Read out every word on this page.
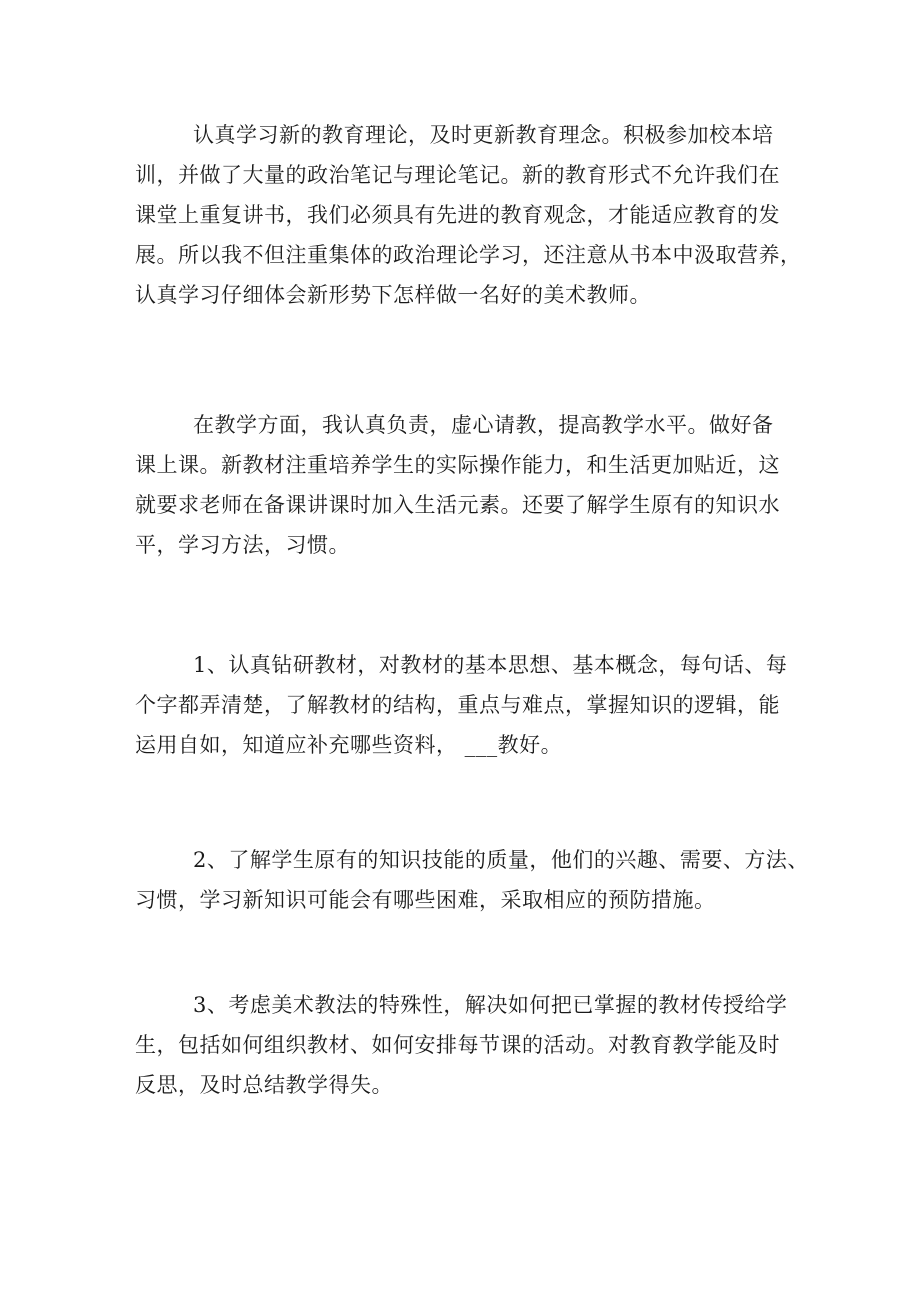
认真学习新的教育理论，及时更新教育理念。积极参加校本培
训，并做了大量的政治笔记与理论笔记。新的教育形式不允许我们在
课堂上重复讲书，我们必须具有先进的教育观念，才能适应教育的发
展。所以我不但注重集体的政治理论学习，还注意从书本中汲取营养，
认真学习仔细体会新形势下怎样做一名好的美术教师。
在教学方面，我认真负责，虚心请教，提高教学水平。做好备
课上课。新教材注重培养学生的实际操作能力，和生活更加贴近，这
就要求老师在备课讲课时加入生活元素。还要了解学生原有的知识水
平，学习方法，习惯。
1、认真钻研教材，对教材的基本思想、基本概念，每句话、每
个字都弄清楚，了解教材的结构，重点与难点，掌握知识的逻辑，能
运用自如，知道应补充哪些资料， ___教好。
2、了解学生原有的知识技能的质量，他们的兴趣、需要、方法、
习惯，学习新知识可能会有哪些困难，采取相应的预防措施。
3、考虑美术教法的特殊性，解决如何把已掌握的教材传授给学
生，包括如何组织教材、如何安排每节课的活动。对教育教学能及时
反思，及时总结教学得失。
